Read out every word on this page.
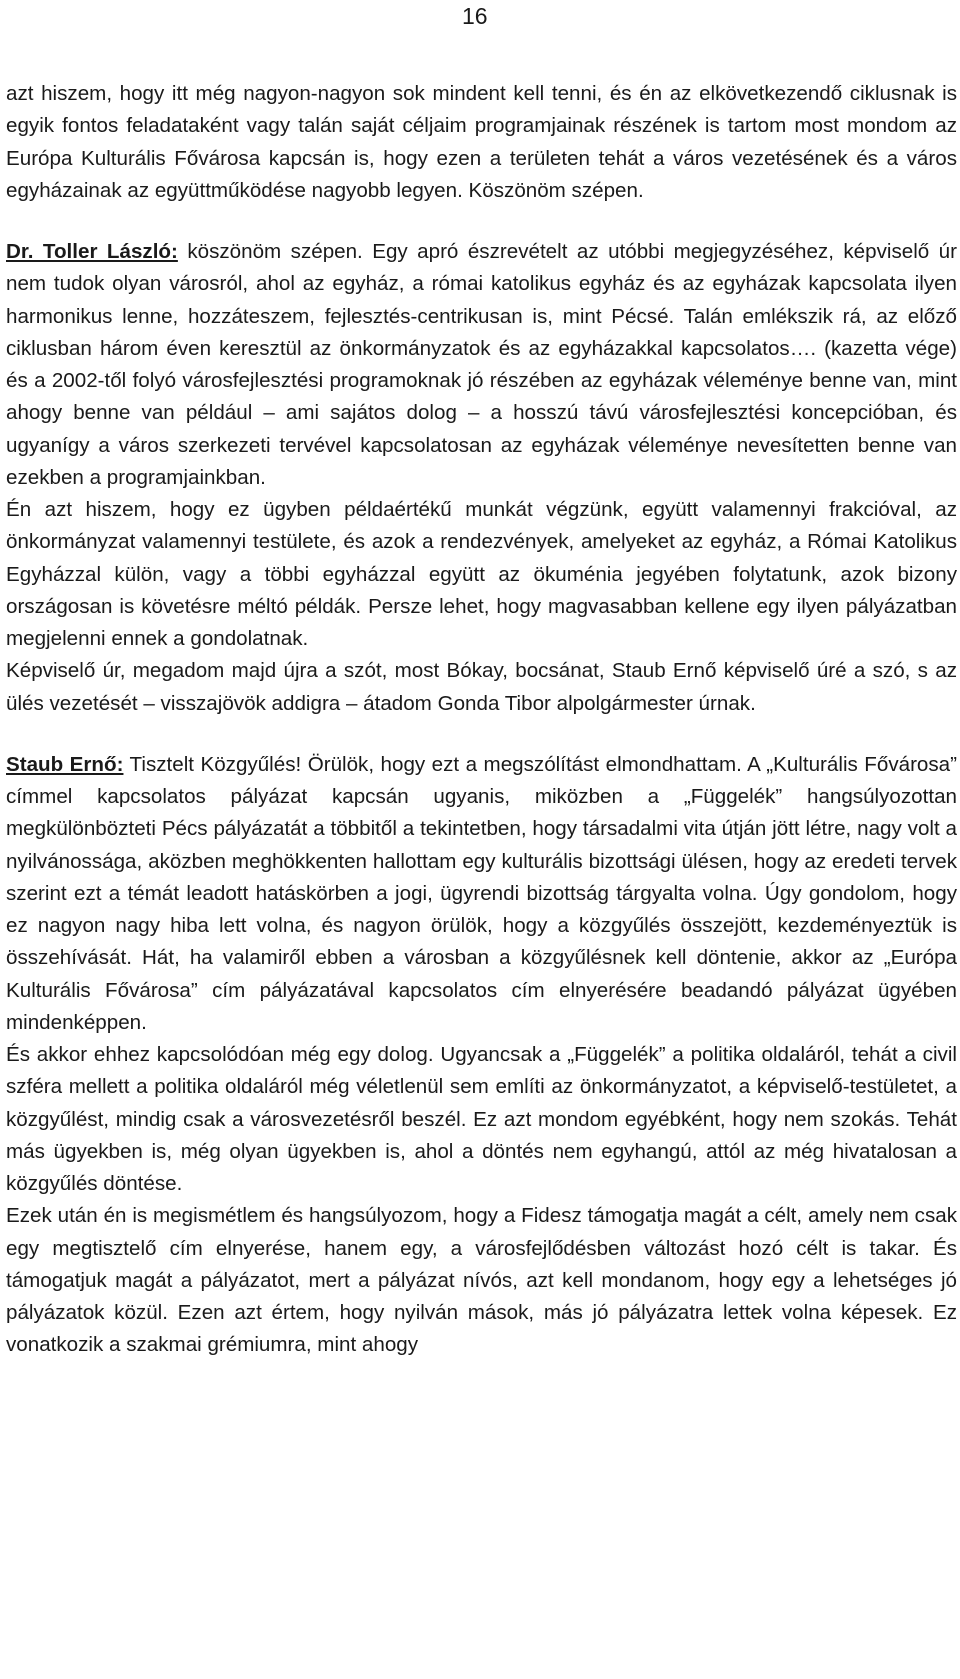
16

azt hiszem, hogy itt még nagyon-nagyon sok mindent kell tenni, és én az elkövetkezendő ciklusnak is egyik fontos feladataként vagy talán saját céljaim programjainak részének is tartom most mondom az Európa Kulturális Fővárosa kapcsán is, hogy ezen a területen tehát a város vezetésének és a város egyházainak az együttműködése nagyobb legyen. Köszönöm szépen.

Dr. Toller László: köszönöm szépen. Egy apró észrevételt az utóbbi megjegyzéséhez, képviselő úr nem tudok olyan városról, ahol az egyház, a római katolikus egyház és az egyházak kapcsolata ilyen harmonikus lenne, hozzáteszem, fejlesztés-centrikusan is, mint Pécsé. Talán emlékszik rá, az előző ciklusban három éven keresztül az önkormányzatok és az egyházakkal kapcsolatos…. (kazetta vége) és a 2002-től folyó városfejlesztési programoknak jó részében az egyházak véleménye benne van, mint ahogy benne van például – ami sajátos dolog – a hosszú távú városfejlesztési koncepcióban, és ugyanígy a város szerkezeti tervével kapcsolatosan az egyházak véleménye nevesítetten benne van ezekben a programjainkban.

Én azt hiszem, hogy ez ügyben példaértékű munkát végzünk, együtt valamennyi frakcióval, az önkormányzat valamennyi testülete, és azok a rendezvények, amelyeket az egyház, a Római Katolikus Egyházzal külön, vagy a többi egyházzal együtt az ökuménia jegyében folytatunk, azok bizony országosan is követésre méltó példák. Persze lehet, hogy magvasabban kellene egy ilyen pályázatban megjelenni ennek a gondolatnak.

Képviselő úr, megadom majd újra a szót, most Bókay, bocsánat, Staub Ernő képviselő úré a szó, s az ülés vezetését – visszajövök addigra – átadom Gonda Tibor alpolgármester úrnak.

Staub Ernő: Tisztelt Közgyűlés! Örülök, hogy ezt a megszólítást elmondhattam. A „Kulturális Fővárosa” címmel kapcsolatos pályázat kapcsán ugyanis, miközben a „Függelék” hangsúlyozottan megkülönbözteti Pécs pályázatát a többitől a tekintetben, hogy társadalmi vita útján jött létre, nagy volt a nyilvánossága, aközben meghökkenten hallottam egy kulturális bizottsági ülésen, hogy az eredeti tervek szerint ezt a témát leadott hatáskörben a jogi, ügyrendi bizottság tárgyalta volna. Úgy gondolom, hogy ez nagyon nagy hiba lett volna, és nagyon örülök, hogy a közgyűlés összejött, kezdeményeztük is összehívását. Hát, ha valamiről ebben a városban a közgyűlésnek kell döntenie, akkor az „Európa Kulturális Fővárosa” cím pályázatával kapcsolatos cím elnyerésére beadandó pályázat ügyében mindenképpen.

És akkor ehhez kapcsolódóan még egy dolog. Ugyancsak a „Függelék” a politika oldaláról, tehát a civil szféra mellett a politika oldaláról még véletlenül sem említi az önkormányzatot, a képviselő-testületet, a közgyűlést, mindig csak a városvezetésről beszél. Ez azt mondom egyébként, hogy nem szokás. Tehát más ügyekben is, még olyan ügyekben is, ahol a döntés nem egyhangú, attól az még hivatalosan a közgyűlés döntése.

Ezek után én is megismétlem és hangsúlyozom, hogy a Fidesz támogatja magát a célt, amely nem csak egy megtisztelő cím elnyerése, hanem egy, a városfejlődésben változást hozó célt is takar. És támogatjuk magát a pályázatot, mert a pályázat nívós, azt kell mondanom, hogy egy a lehetséges jó pályázatok közül. Ezen azt értem, hogy nyilván mások, más jó pályázatra lettek volna képesek. Ez vonatkozik a szakmai grémiumra, mint ahogy
